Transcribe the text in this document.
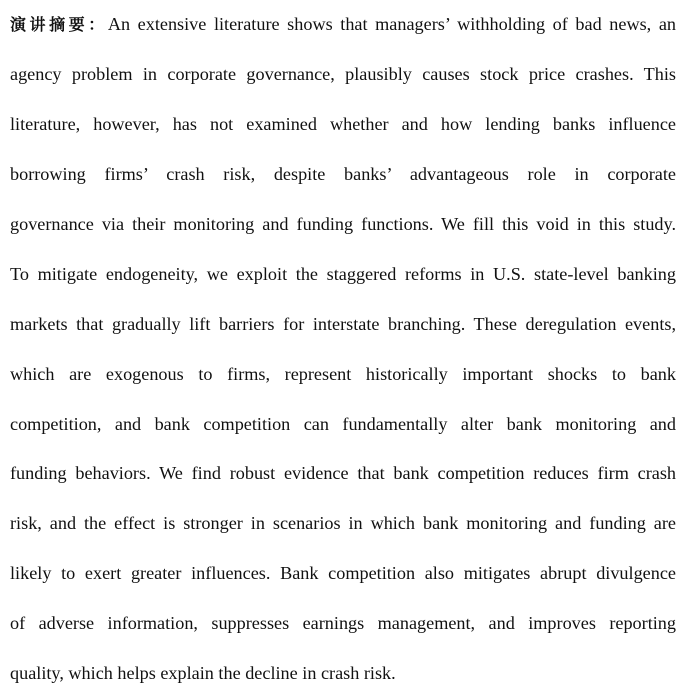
演讲摘要：An extensive literature shows that managers’ withholding of bad news, an
agency problem in corporate governance, plausibly causes stock price crashes. This
literature, however, has not examined whether and how lending banks influence
borrowing firms’ crash risk, despite banks’ advantageous role in corporate
governance via their monitoring and funding functions. We fill this void in this study.
To mitigate endogeneity, we exploit the staggered reforms in U.S. state-level banking
markets that gradually lift barriers for interstate branching. These deregulation events,
which are exogenous to firms, represent historically important shocks to bank
competition, and bank competition can fundamentally alter bank monitoring and
funding behaviors. We find robust evidence that bank competition reduces firm crash
risk, and the effect is stronger in scenarios in which bank monitoring and funding are
likely to exert greater influences. Bank competition also mitigates abrupt divulgence
of adverse information, suppresses earnings management, and improves reporting
quality, which helps explain the decline in crash risk.
